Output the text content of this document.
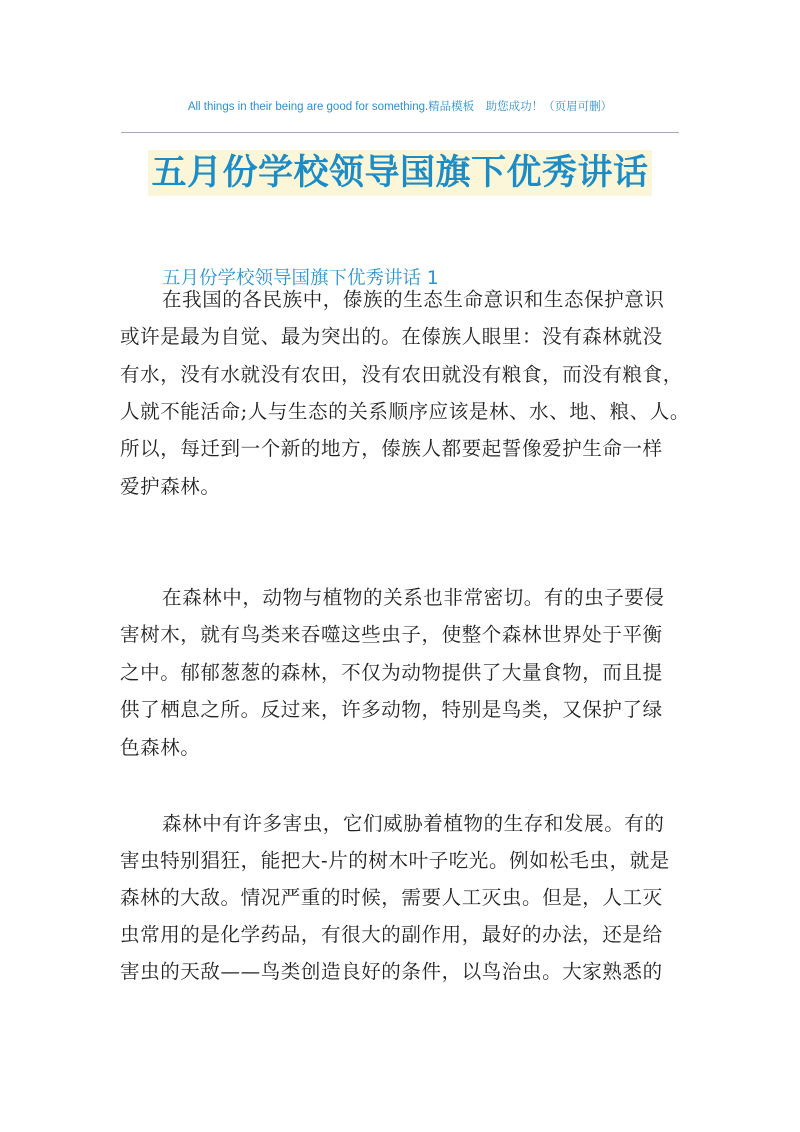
All things in their being are good for something.精品模板　助您成功！（页眉可删）
五月份学校领导国旗下优秀讲话
五月份学校领导国旗下优秀讲话 1
在我国的各民族中，傣族的生态生命意识和生态保护意识
或许是最为自觉、最为突出的。在傣族人眼里：没有森林就没
有水，没有水就没有农田，没有农田就没有粮食，而没有粮食，
人就不能活命;人与生态的关系顺序应该是林、水、地、粮、人。
所以，每迁到一个新的地方，傣族人都要起誓像爱护生命一样
爱护森林。
在森林中，动物与植物的关系也非常密切。有的虫子要侵
害树木，就有鸟类来吞噬这些虫子，使整个森林世界处于平衡
之中。郁郁葱葱的森林，不仅为动物提供了大量食物，而且提
供了栖息之所。反过来，许多动物，特别是鸟类，又保护了绿
色森林。
森林中有许多害虫，它们威胁着植物的生存和发展。有的
害虫特别猖狂，能把大-片的树木叶子吃光。例如松毛虫，就是
森林的大敌。情况严重的时候，需要人工灭虫。但是，人工灭
虫常用的是化学药品，有很大的副作用，最好的办法，还是给
害虫的天敌——鸟类创造良好的条件，以鸟治虫。大家熟悉的
